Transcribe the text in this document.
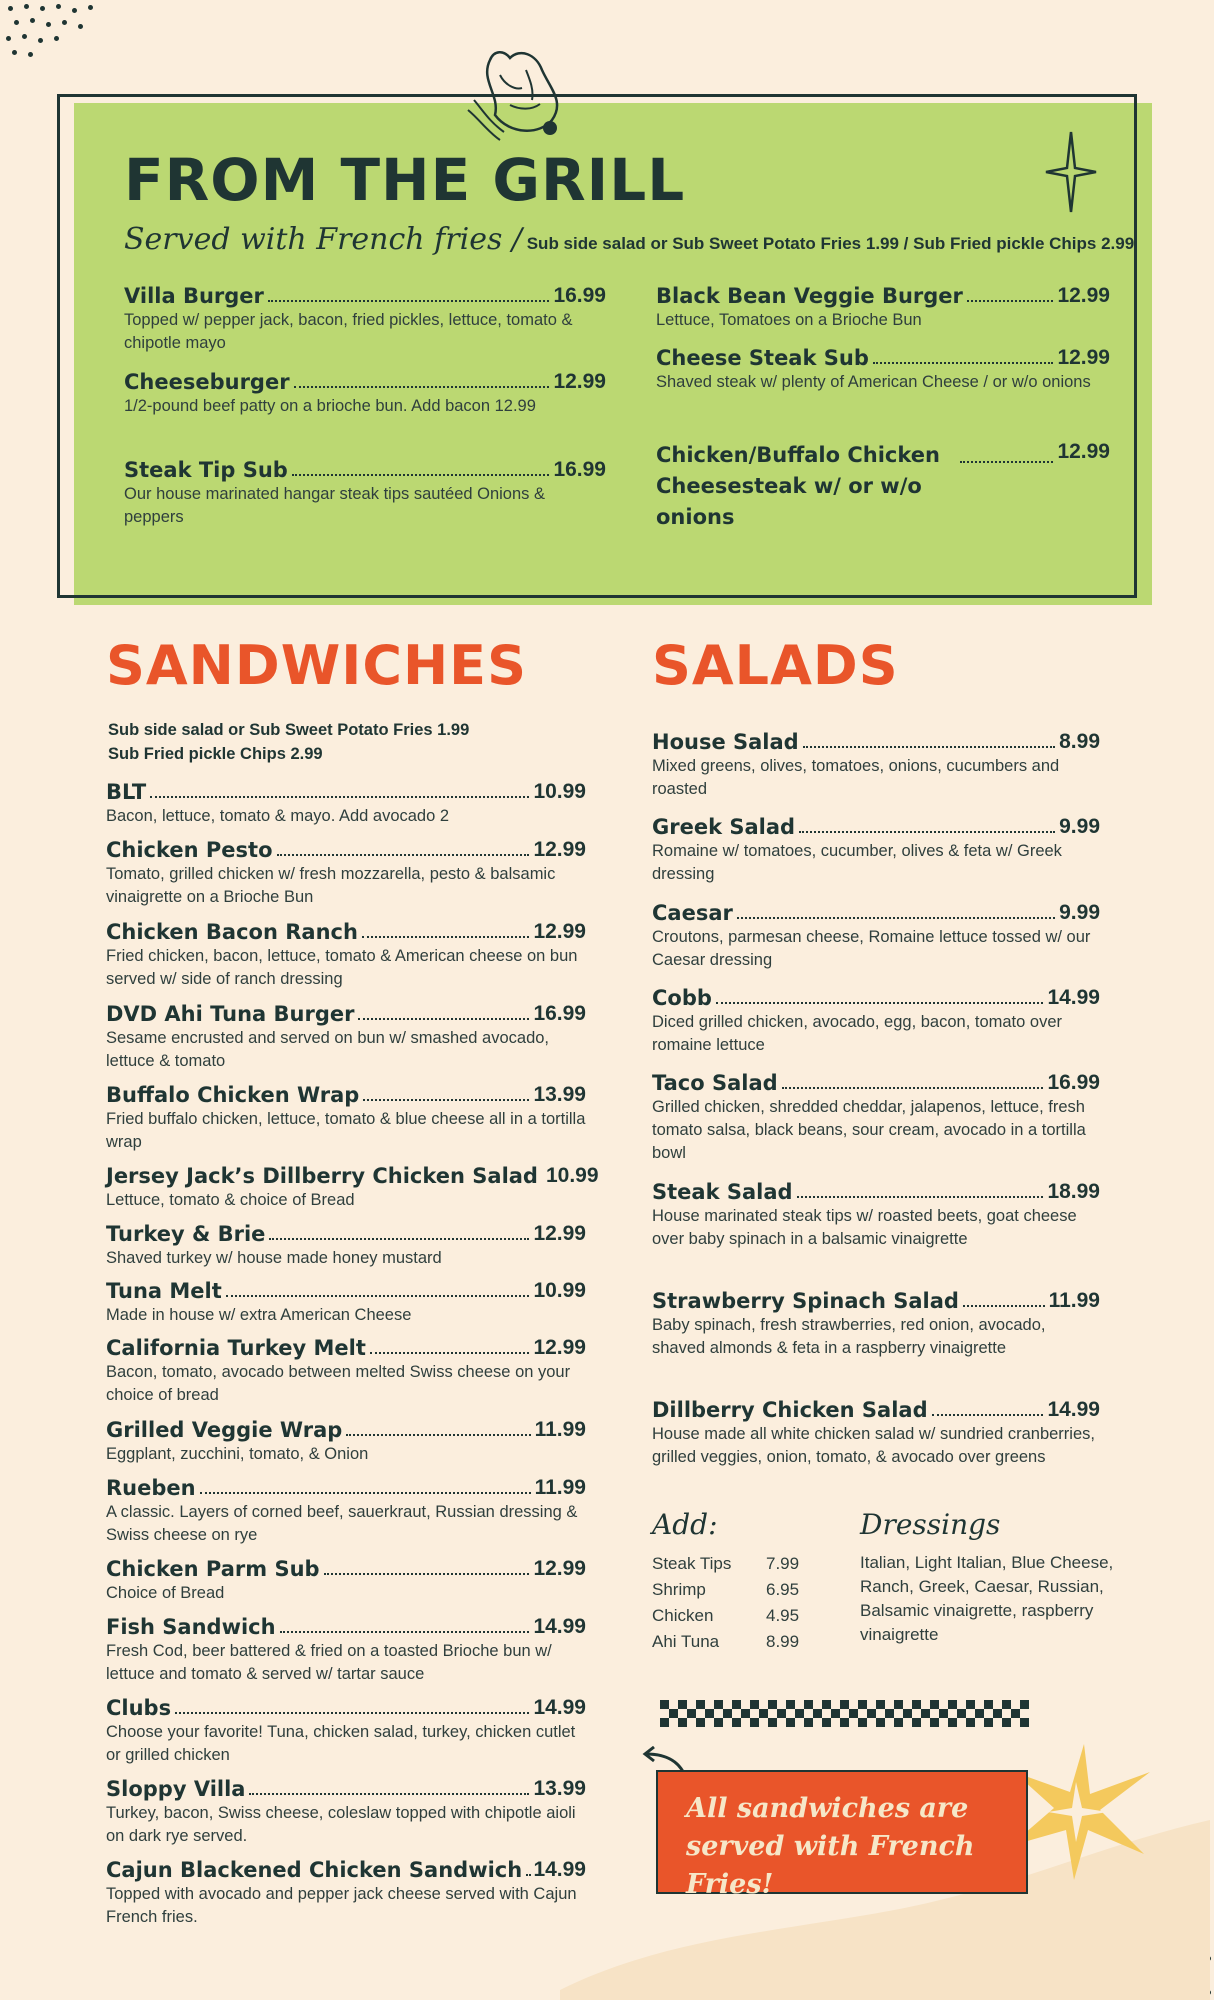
FROM THE GRILL
Served with French fries / Sub side salad or Sub Sweet Potato Fries 1.99 / Sub Fried pickle Chips 2.99
Villa Burger	16.99
Topped w/ pepper jack, bacon, fried pickles, lettuce, tomato & chipotle mayo
Cheeseburger	12.99
1/2-pound beef patty on a brioche bun. Add bacon 12.99
Steak Tip Sub	16.99
Our house marinated hangar steak tips sautéed Onions & peppers
Black Bean Veggie Burger	12.99
Lettuce, Tomatoes on a Brioche Bun
Cheese Steak Sub	12.99
Shaved steak w/ plenty of American Cheese / or w/o onions
Chicken/Buffalo Chicken Cheesesteak w/ or w/o onions
12.99
SANDWICHES
Sub side salad or Sub Sweet Potato Fries 1.99
Sub Fried pickle Chips 2.99
BLT	10.99
Bacon, lettuce, tomato & mayo. Add avocado 2
Chicken Pesto	12.99
Tomato, grilled chicken w/ fresh mozzarella, pesto & balsamic vinaigrette on a Brioche Bun
Chicken Bacon Ranch	12.99
Fried chicken, bacon, lettuce, tomato & American cheese on bun served w/ side of ranch dressing
DVD Ahi Tuna Burger	16.99
Sesame encrusted and served on bun w/ smashed avocado, lettuce & tomato
Buffalo Chicken Wrap	13.99
Fried buffalo chicken, lettuce, tomato & blue cheese all in a tortilla wrap
Jersey Jack’s Dillberry Chicken Salad 10.99
Lettuce, tomato & choice of Bread
Turkey & Brie	12.99
Shaved turkey w/ house made honey mustard
Tuna Melt	10.99
Made in house w/ extra American Cheese
California Turkey Melt	12.99
Bacon, tomato, avocado between melted Swiss cheese on your choice of bread
Grilled Veggie Wrap	11.99
Eggplant, zucchini, tomato, & Onion
Rueben	11.99
A classic. Layers of corned beef, sauerkraut, Russian dressing & Swiss cheese on rye
Chicken Parm Sub	12.99
Choice of Bread
Fish Sandwich	14.99
Fresh Cod, beer battered & fried on a toasted Brioche bun w/ lettuce and tomato & served w/ tartar sauce
Clubs	14.99
Choose your favorite! Tuna, chicken salad, turkey, chicken cutlet or grilled chicken
Sloppy Villa	13.99
Turkey, bacon, Swiss cheese, coleslaw topped with chipotle aioli on dark rye served.
Cajun Blackened Chicken Sandwich 14.99
Topped with avocado and pepper jack cheese served with Cajun French fries.
SALADS
House Salad	8.99
Mixed greens, olives, tomatoes, onions, cucumbers and roasted
Greek Salad	9.99
Romaine w/ tomatoes, cucumber, olives & feta w/ Greek dressing
Caesar	9.99
Croutons, parmesan cheese, Romaine lettuce tossed w/ our Caesar dressing
Cobb	14.99
Diced grilled chicken, avocado, egg, bacon, tomato over romaine lettuce
Taco Salad	16.99
Grilled chicken, shredded cheddar, jalapenos, lettuce, fresh tomato salsa, black beans, sour cream, avocado in a tortilla bowl
Steak Salad	18.99
House marinated steak tips w/ roasted beets, goat cheese over baby spinach in a balsamic vinaigrette
Strawberry Spinach Salad	11.99
Baby spinach, fresh strawberries, red onion, avocado, shaved almonds & feta in a raspberry vinaigrette
Dillberry Chicken Salad	14.99
House made all white chicken salad w/ sundried cranberries, grilled veggies, onion, tomato, & avocado over greens
Add:
Steak Tips	7.99
Shrimp	6.95
Chicken	4.95
Ahi Tuna	8.99
Dressings
Italian, Light Italian, Blue Cheese, Ranch, Greek, Caesar, Russian, Balsamic vinaigrette, raspberry vinaigrette
All sandwiches are
served with French Fries!
